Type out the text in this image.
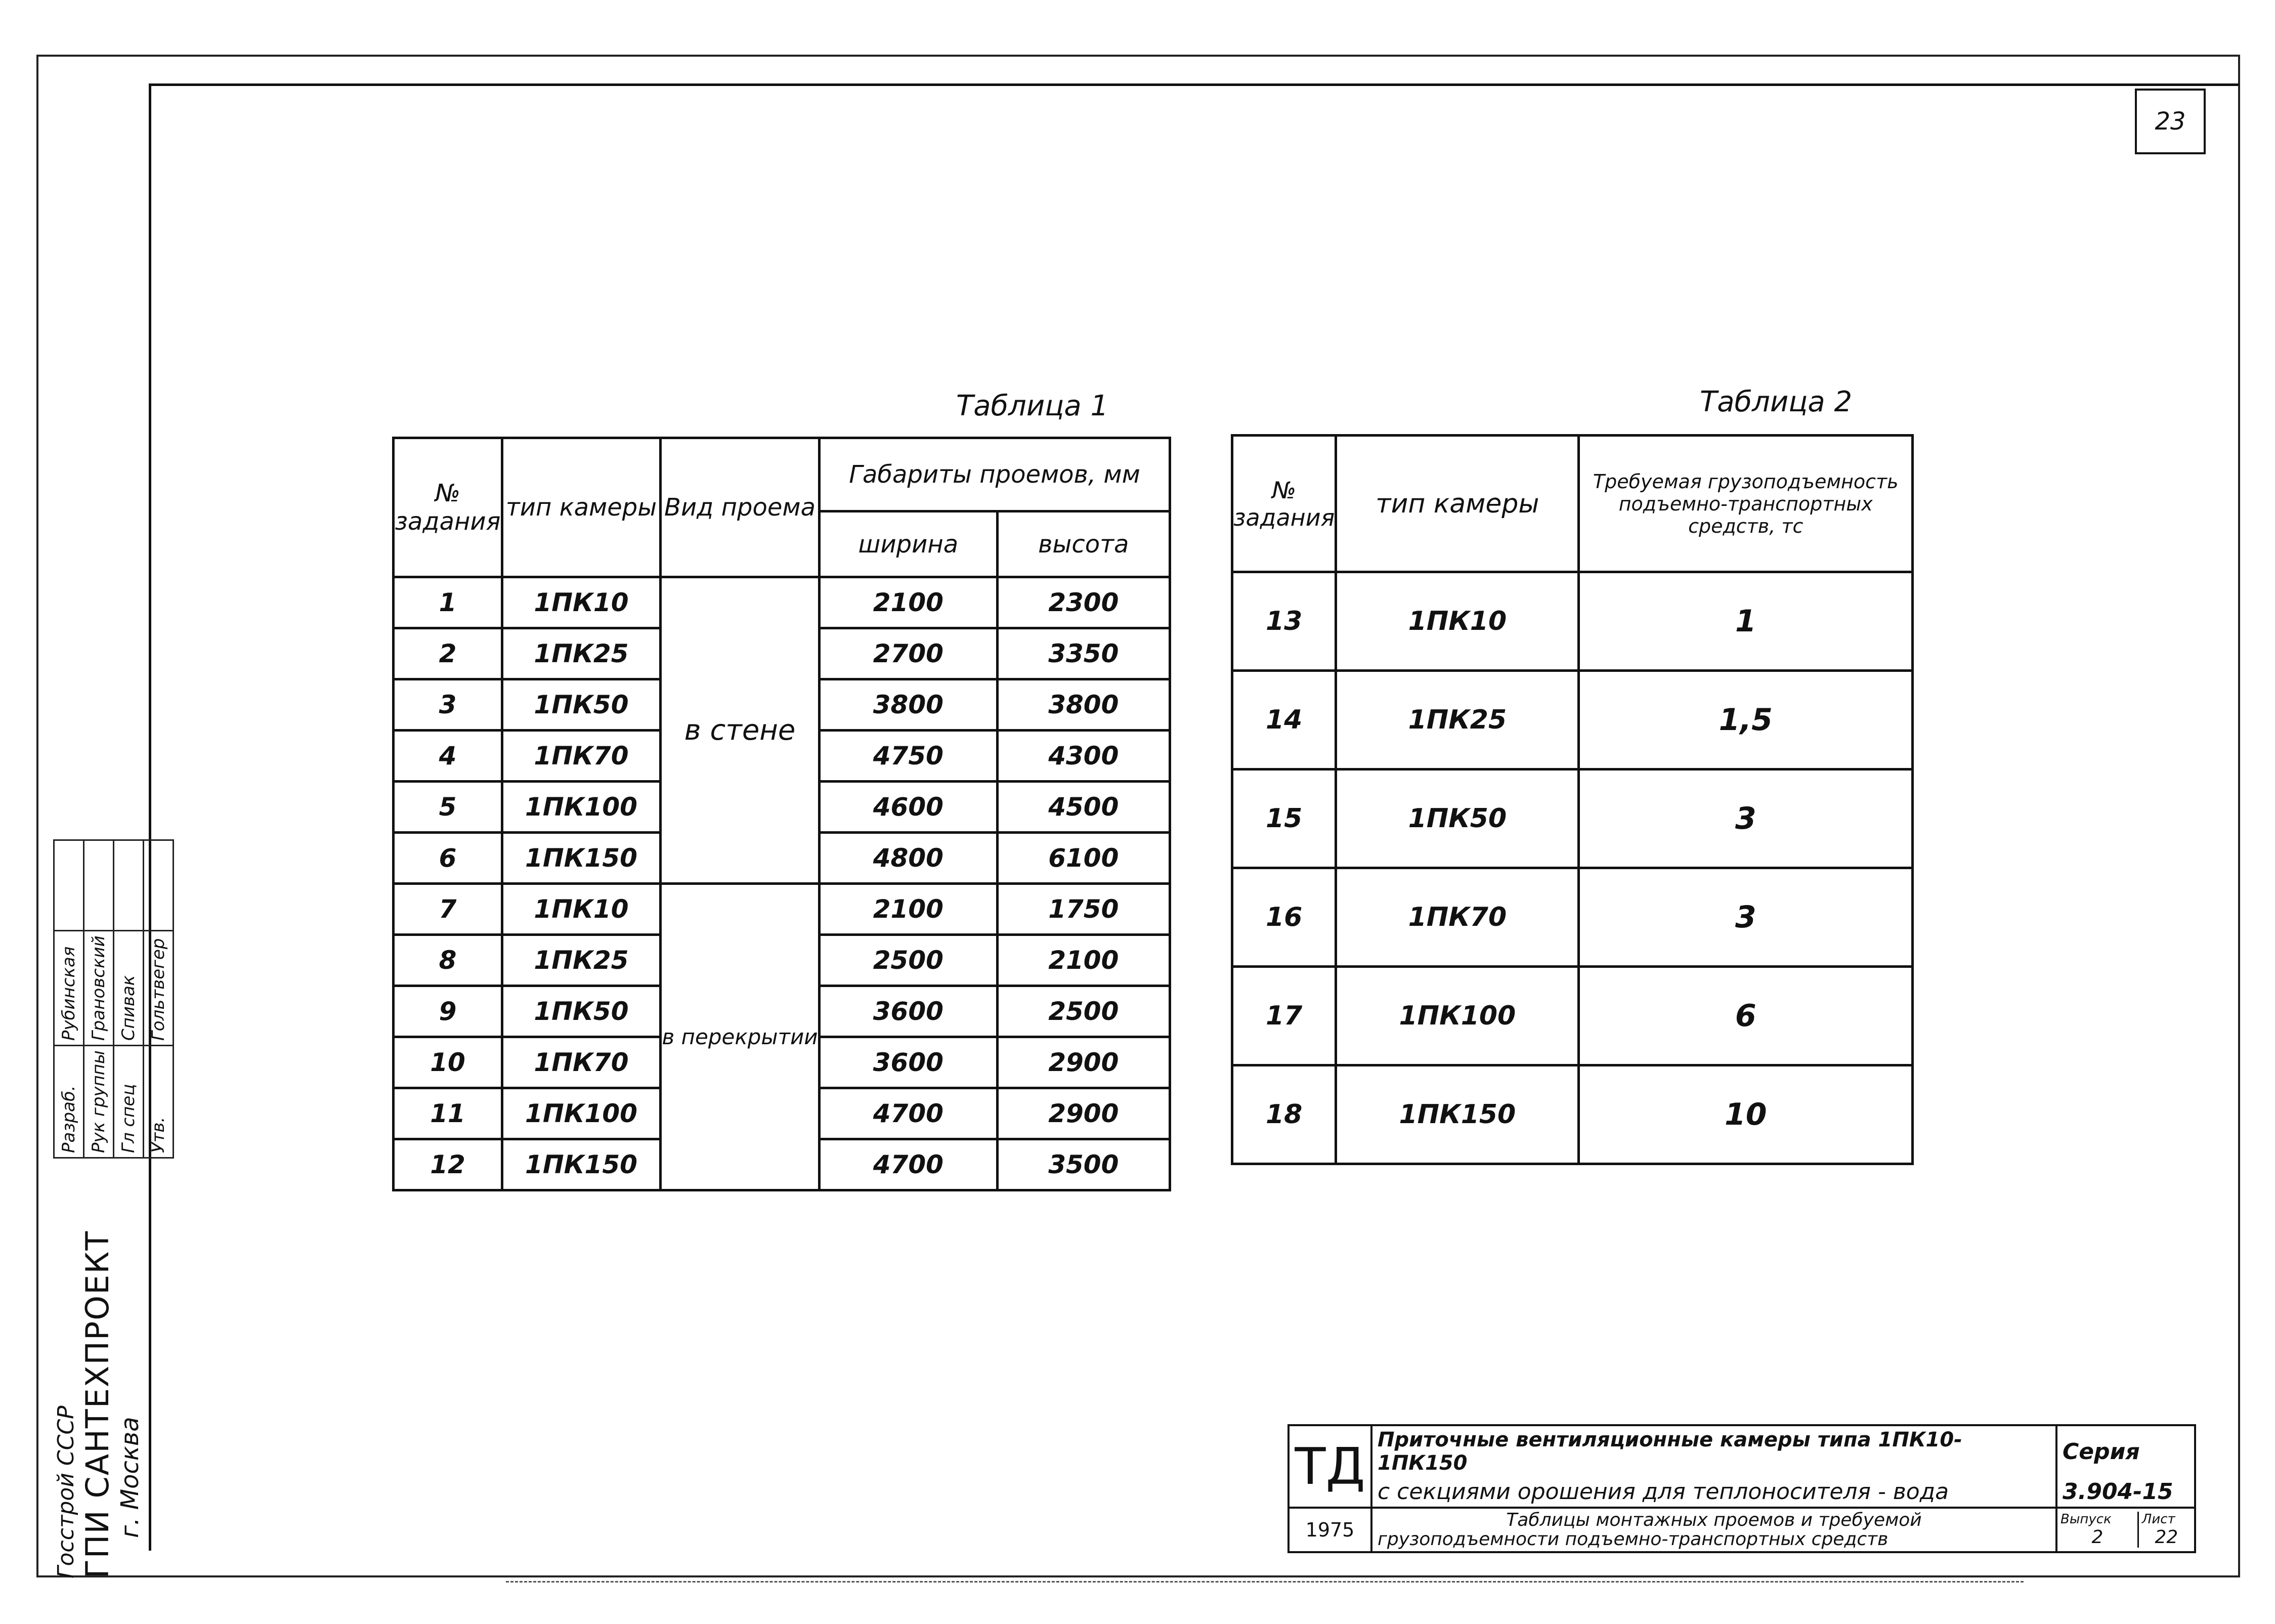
23
Таблица 1
№ задания	тип камеры	Вид проема	Габариты проемов, мм	
			ширина	высота
1	1ПК10	в стене	2100	2300
2	1ПК25		2700	3350
3	1ПК50		3800	3800
4	1ПК70		4750	4300
5	1ПК100		4600	4500
6	1ПК150		4800	6100
7	1ПК10	в перекрытии	2100	1750
8	1ПК25		2500	2100
9	1ПК50		3600	2500
10	1ПК70		3600	2900
11	1ПК100		4700	2900
12	1ПК150		4700	3500
Таблица 2
№ задания	тип камеры	Требуемая грузоподъемность подъемно-транспортных средств, тс
13	1ПК10	1
14	1ПК25	1,5
15	1ПК50	3
16	1ПК70	3
17	1ПК100	6
18	1ПК150	10
Госстрой СССР ГПИ САНТЕХПРОЕКТ г. Москва
Разраб.	Рубинская	
Рук группы	Грановский	
Гл спец	Спивак	
Утв.	Гольтвегер	
ТД	Приточные вентиляционные камеры типа 1ПК10-1ПК150	Серия
с секциями орошения для теплоносителя - вода	3.904-15
1975	Таблицы монтажных проемов и требуемой
грузоподъемности подъемно-транспортных средств

Выпуск	Лист
2	22
